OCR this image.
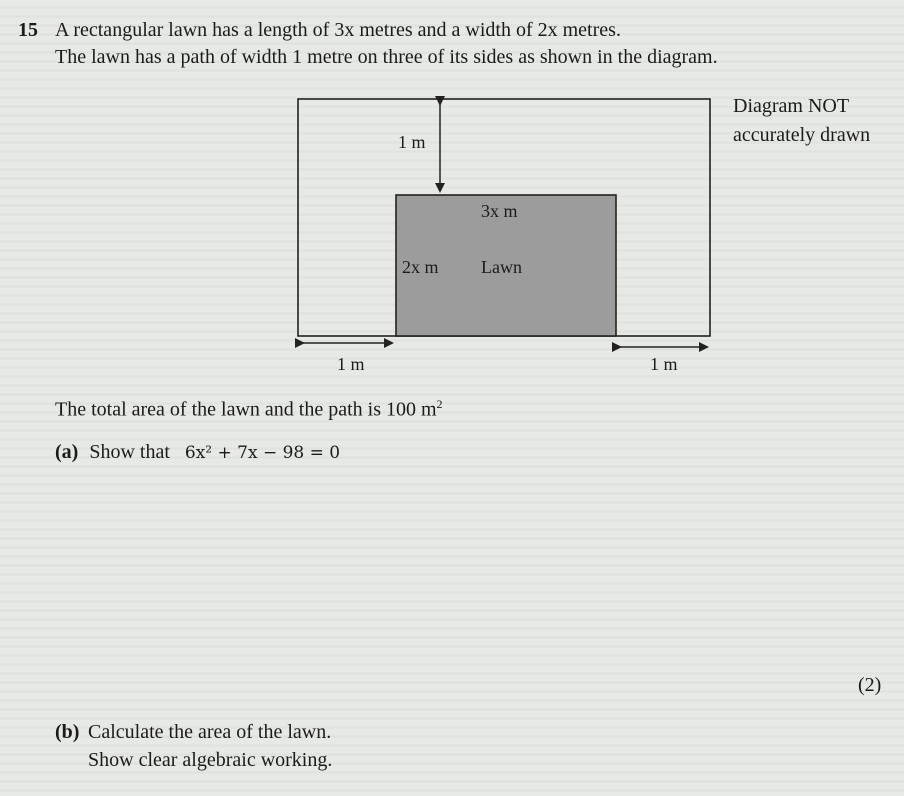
15 A rectangular lawn has a length of 3x metres and a width of 2x metres.
The lawn has a path of width 1 metre on three of its sides as shown in the diagram.
Diagram NOT
accurately drawn
1 m
3x m
2x m Lawn
1 m	1 m
The total area of the lawn and the path is 100 $m^2$
(a) Show that 6x² + 7x − 98 = 0
(2)
(b) Calculate the area of the lawn.
Show clear algebraic working.
